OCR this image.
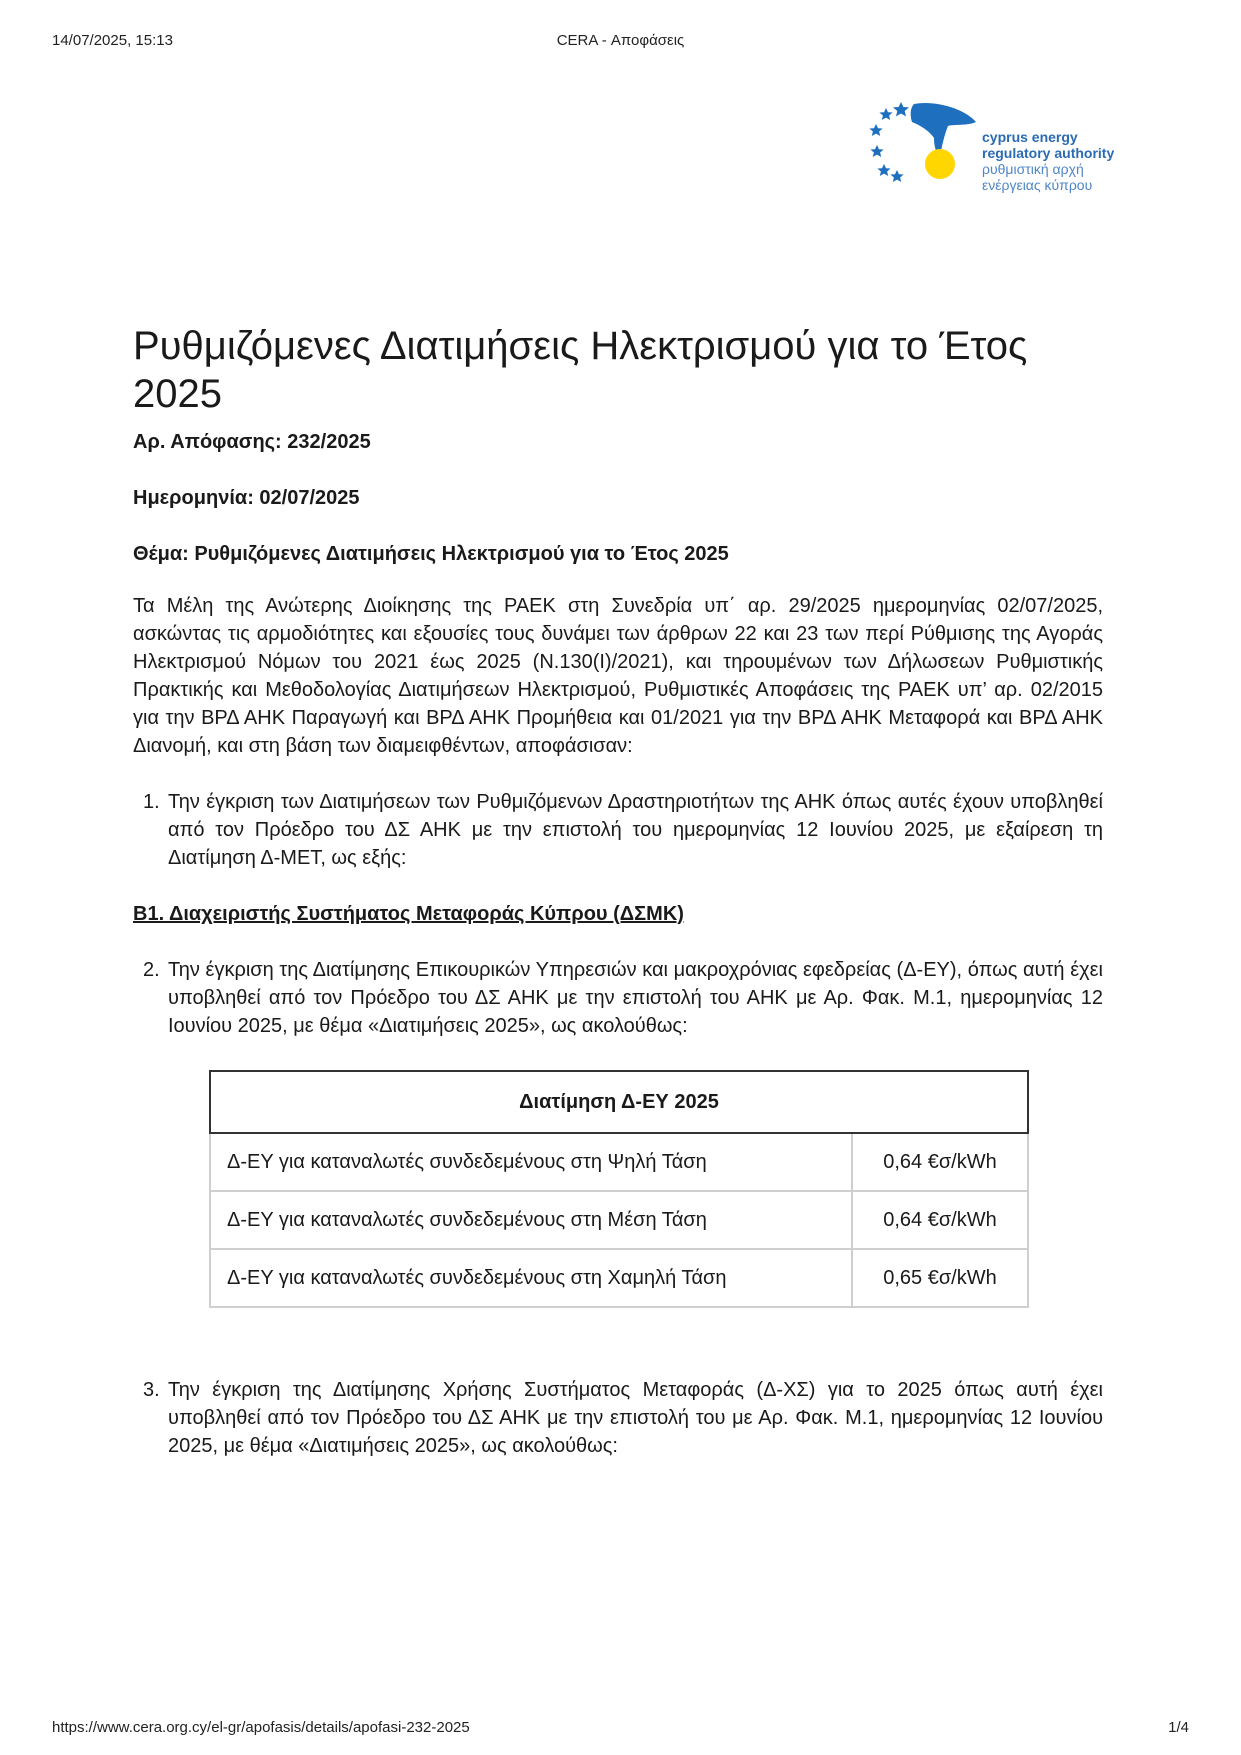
14/07/2025, 15:13	CERA - Αποφάσεις
cyprus energy
regulatory authority
ρυθμιστική αρχή
ενέργειας κύπρου
Ρυθμιζόμενες Διατιμήσεις Ηλεκτρισμού για το Έτος 2025
Αρ. Απόφασης: 232/2025
Ημερομηνία: 02/07/2025
Θέμα: Ρυθμιζόμενες Διατιμήσεις Ηλεκτρισμού για το Έτος 2025

Τα Μέλη της Ανώτερης Διοίκησης της ΡΑΕΚ στη Συνεδρία υπ΄ αρ. 29/2025 ημερομηνίας 02/07/2025, ασκώντας τις αρμοδιότητες και εξουσίες τους δυνάμει των άρθρων 22 και 23 των περί Ρύθμισης της Αγοράς Ηλεκτρισμού Νόμων του 2021 έως 2025 (Ν.130(Ι)/2021), και τηρουμένων των Δήλωσεων Ρυθμιστικής Πρακτικής και Μεθοδολογίας Διατιμήσεων Ηλεκτρισμού, Ρυθμιστικές Αποφάσεις της ΡΑΕΚ υπ’ αρ. 02/2015 για την ΒΡΔ ΑΗΚ Παραγωγή και ΒΡΔ ΑΗΚ Προμήθεια και 01/2021 για την ΒΡΔ ΑΗΚ Μεταφορά και ΒΡΔ ΑΗΚ Διανομή, και στη βάση των διαμειφθέντων, αποφάσισαν:

1. Την έγκριση των Διατιμήσεων των Ρυθμιζόμενων Δραστηριοτήτων της ΑΗΚ όπως αυτές έχουν υποβληθεί από τον Πρόεδρο του ΔΣ ΑΗΚ με την επιστολή του ημερομηνίας 12 Ιουνίου 2025, με εξαίρεση τη Διατίμηση Δ-ΜΕΤ, ως εξής:
Β1. Διαχειριστής Συστήματος Μεταφοράς Κύπρου (ΔΣΜΚ)
2. Την έγκριση της Διατίμησης Επικουρικών Υπηρεσιών και μακροχρόνιας εφεδρείας (Δ-ΕΥ), όπως αυτή έχει υποβληθεί από τον Πρόεδρο του ΔΣ ΑΗΚ με την επιστολή του ΑΗΚ με Αρ. Φακ. Μ.1, ημερομηνίας 12 Ιουνίου 2025, με θέμα «Διατιμήσεις 2025», ως ακολούθως:
Διατίμηση Δ-ΕΥ 2025	
Δ-ΕΥ για καταναλωτές συνδεδεμένους στη Ψηλή Τάση	0,64 €σ/kWh
Δ-ΕΥ για καταναλωτές συνδεδεμένους στη Μέση Τάση	0,64 €σ/kWh
Δ-ΕΥ για καταναλωτές συνδεδεμένους στη Χαμηλή Τάση	0,65 €σ/kWh
3. Την έγκριση της Διατίμησης Χρήσης Συστήματος Μεταφοράς (Δ-ΧΣ) για το 2025 όπως αυτή έχει υποβληθεί από τον Πρόεδρο του ΔΣ ΑΗΚ με την επιστολή του με Αρ. Φακ. Μ.1, ημερομηνίας 12 Ιουνίου 2025, με θέμα «Διατιμήσεις 2025», ως ακολούθως:
https://www.cera.org.cy/el-gr/apofasis/details/apofasi-232-2025	1/4
